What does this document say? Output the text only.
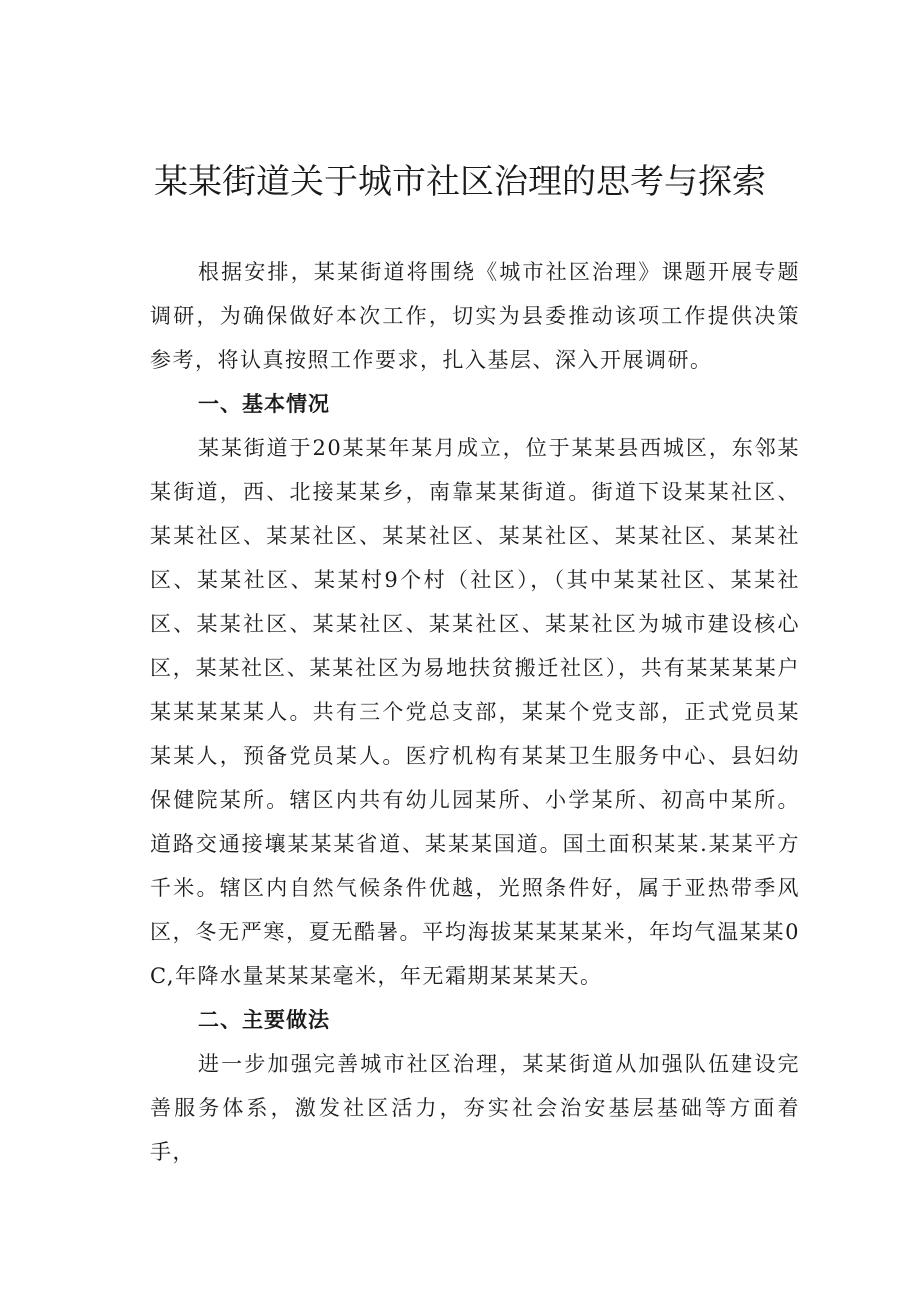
某某街道关于城市社区治理的思考与探索

根据安排，某某街道将围绕《城市社区治理》课题开展专题调研，为确保做好本次工作，切实为县委推动该项工作提供决策参考，将认真按照工作要求，扎入基层、深入开展调研。

一、基本情况

某某街道于20某某年某月成立，位于某某县西城区，东邻某某街道，西、北接某某乡，南靠某某街道。街道下设某某社区、某某社区、某某社区、某某社区、某某社区、某某社区、某某社区、某某社区、某某村9个村（社区），（其中某某社区、某某社区、某某社区、某某社区、某某社区、某某社区为城市建设核心区，某某社区、某某社区为易地扶贫搬迁社区），共有某某某某户某某某某某人。共有三个党总支部，某某个党支部，正式党员某某某人，预备党员某人。医疗机构有某某卫生服务中心、县妇幼保健院某所。辖区内共有幼儿园某所、小学某所、初高中某所。道路交通接壤某某某省道、某某某国道。国土面积某某.某某平方千米。辖区内自然气候条件优越，光照条件好，属于亚热带季风区，冬无严寒，夏无酷暑。平均海拔某某某某米，年均气温某某0C,年降水量某某某毫米，年无霜期某某某天。

二、主要做法

进一步加强完善城市社区治理，某某街道从加强队伍建设完善服务体系，激发社区活力，夯实社会治安基层基础等方面着手，
